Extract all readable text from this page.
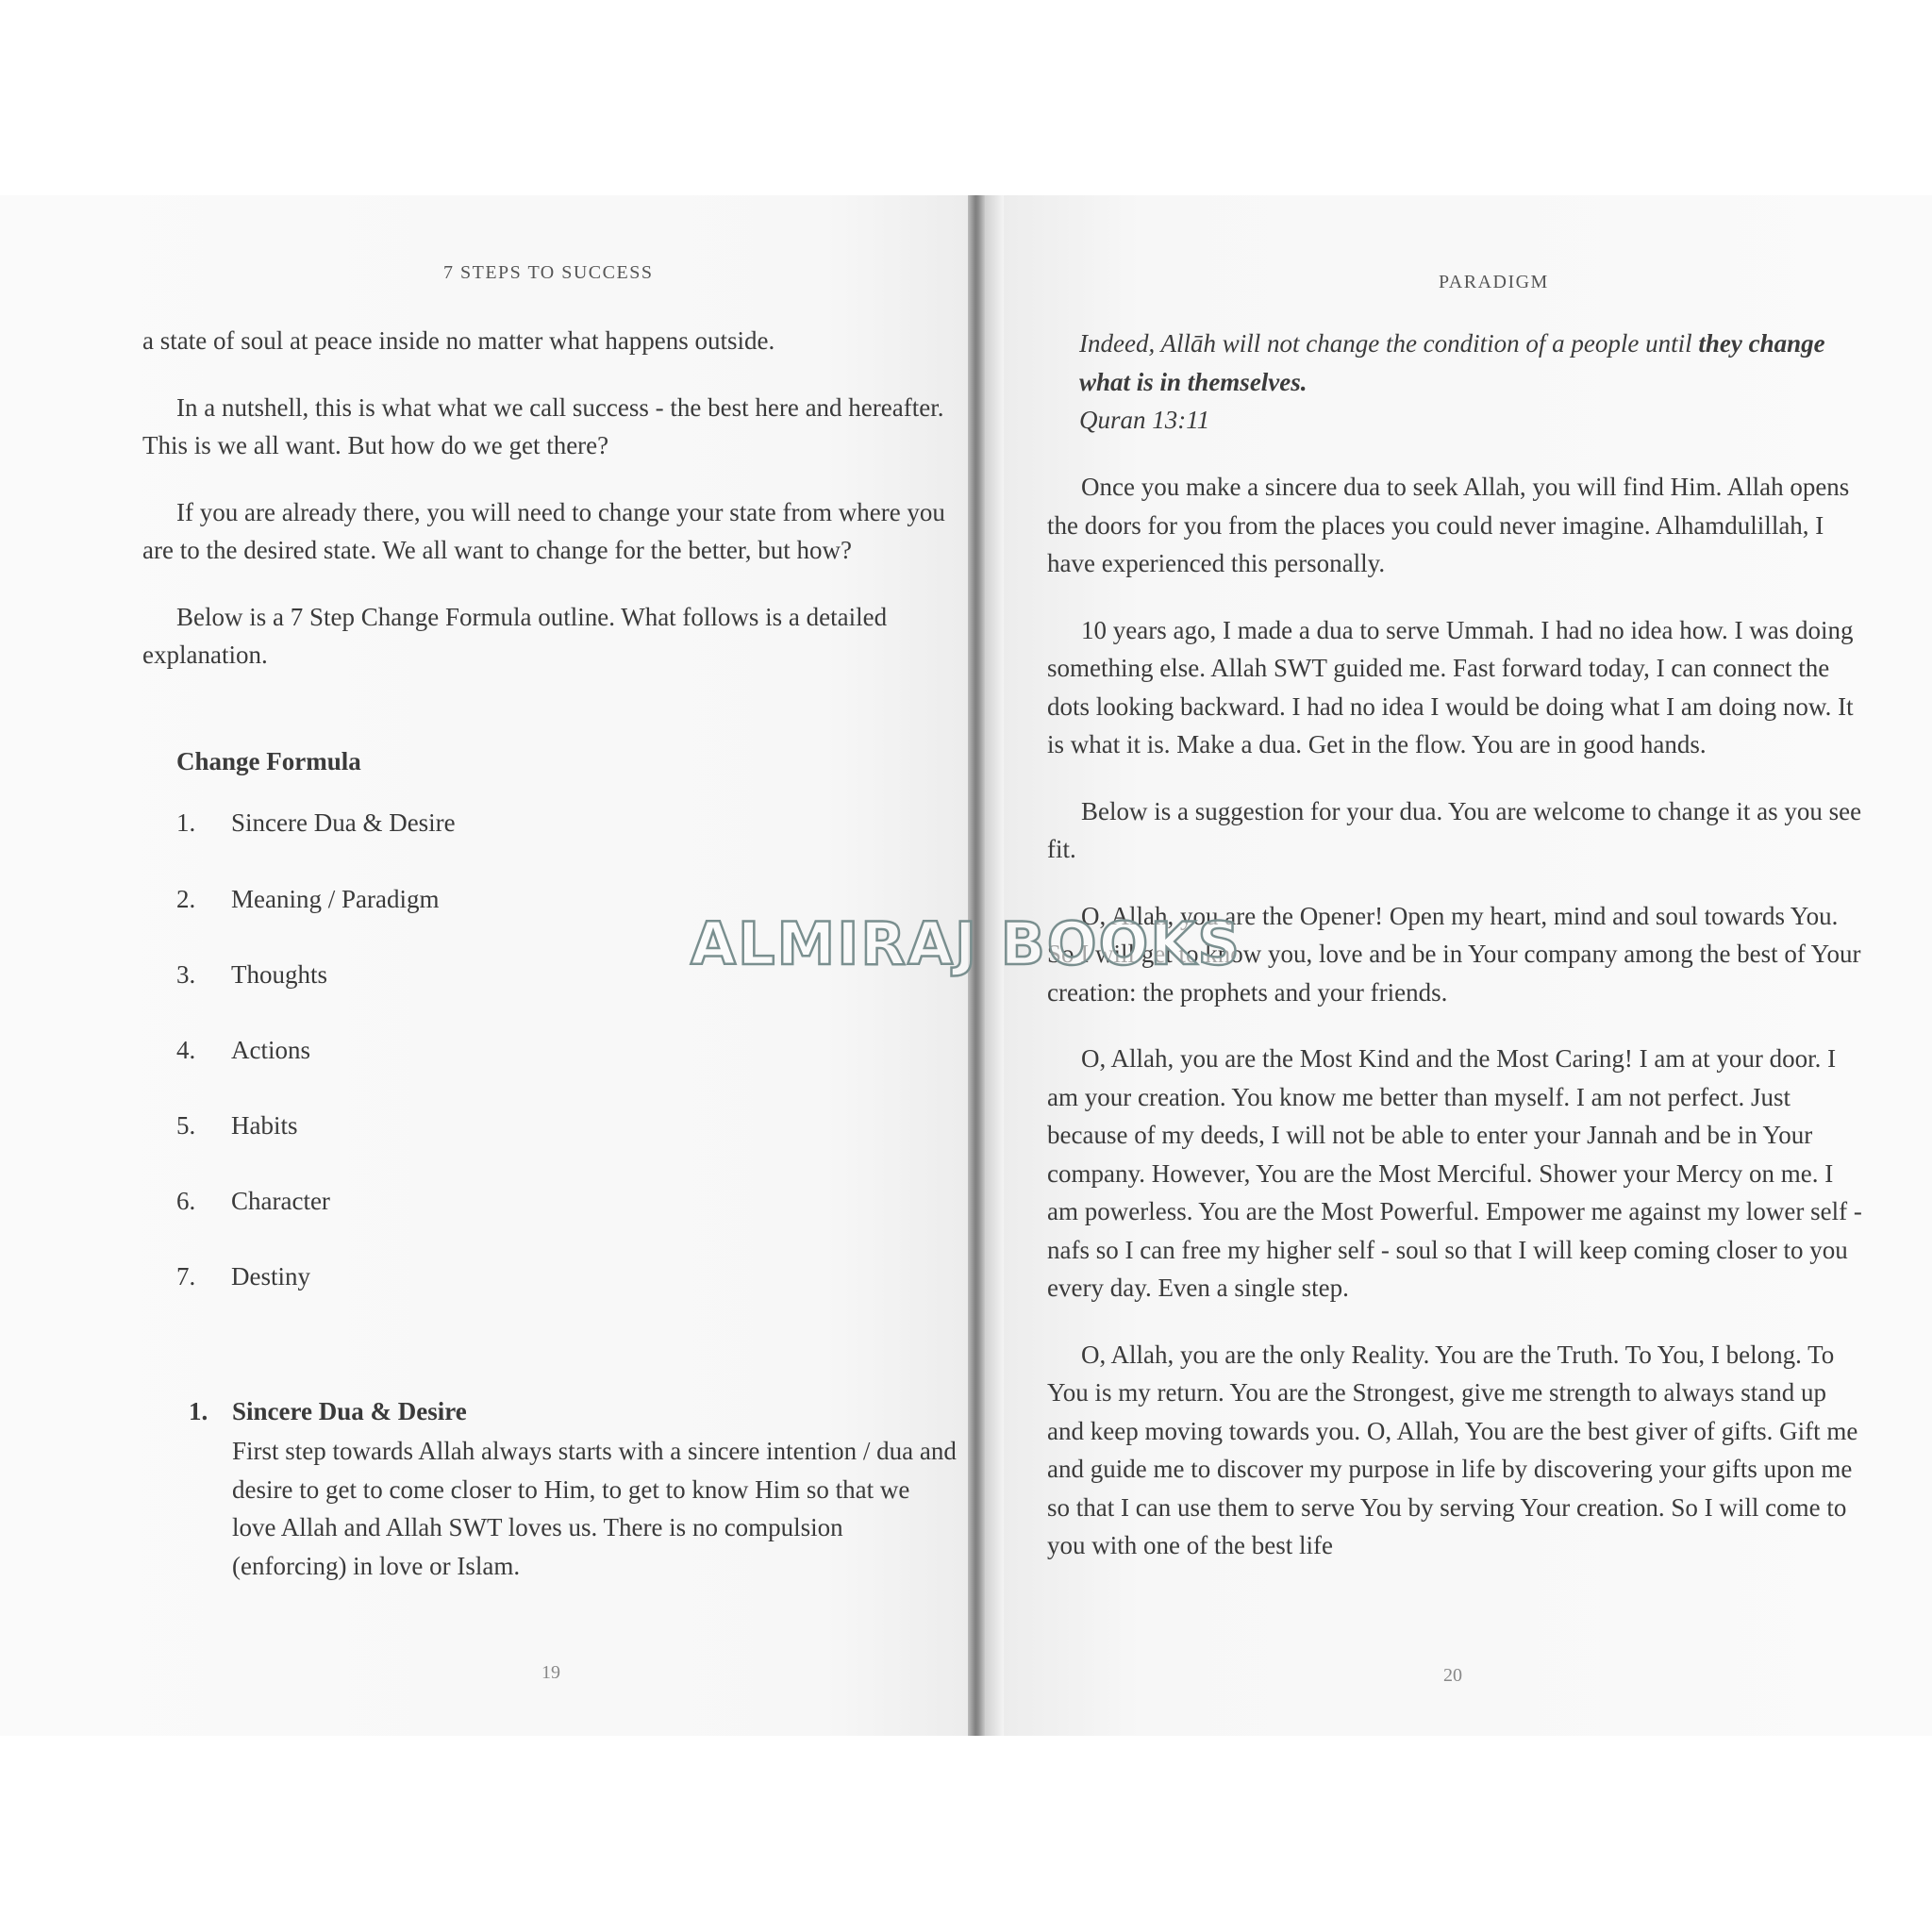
7 STEPS TO SUCCESS

a state of soul at peace inside no matter what happens outside.

In a nutshell, this is what what we call success - the best here and hereafter. This is we all want. But how do we get there?

If you are already there, you will need to change your state from where you are to the desired state. We all want to change for the better, but how?

Below is a 7 Step Change Formula outline. What follows is a detailed explanation.

Change Formula
1. Sincere Dua & Desire
2. Meaning / Paradigm
3. Thoughts
4. Actions
5. Habits
6. Character
7. Destiny
1. Sincere Dua & Desire
First step towards Allah always starts with a sincere intention / dua and desire to get to come closer to Him, to get to know Him so that we love Allah and Allah SWT loves us. There is no compulsion (enforcing) in love or Islam.
19
PARADIGM
Indeed, Allāh will not change the condition of a people until they change what is in themselves.
Quran 13:11

Once you make a sincere dua to seek Allah, you will find Him. Allah opens the doors for you from the places you could never imagine. Alhamdulillah, I have experienced this personally.

10 years ago, I made a dua to serve Ummah. I had no idea how. I was doing something else. Allah SWT guided me. Fast forward today, I can connect the dots looking backward. I had no idea I would be doing what I am doing now. It is what it is. Make a dua. Get in the flow. You are in good hands.

Below is a suggestion for your dua. You are welcome to change it as you see fit.

O, Allah, you are the Opener! Open my heart, mind and soul towards You. So I will get to know you, love and be in Your company among the best of Your creation: the prophets and your friends.

O, Allah, you are the Most Kind and the Most Caring! I am at your door. I am your creation. You know me better than myself. I am not perfect. Just because of my deeds, I will not be able to enter your Jannah and be in Your company. However, You are the Most Merciful. Shower your Mercy on me. I am powerless. You are the Most Powerful. Empower me against my lower self - nafs so I can free my higher self - soul so that I will keep coming closer to you every day. Even a single step.

O, Allah, you are the only Reality. You are the Truth. To You, I belong. To You is my return. You are the Strongest, give me strength to always stand up and keep moving towards you. O, Allah, You are the best giver of gifts. Gift me and guide me to discover my purpose in life by discovering your gifts upon me so that I can use them to serve You by serving Your creation. So I will come to you with one of the best life

20
ALMIRAJ BOOKS
